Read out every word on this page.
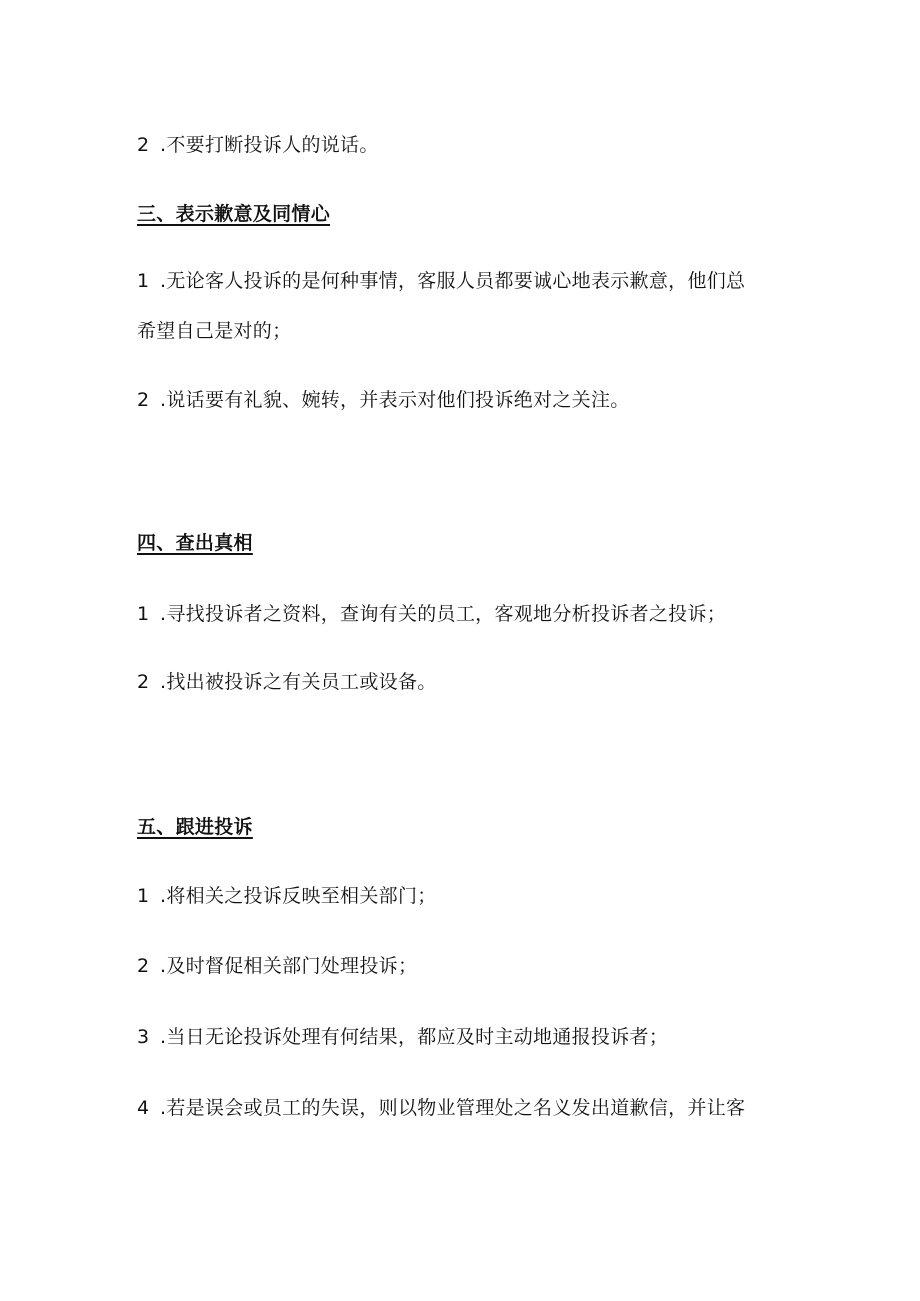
2 .不要打断投诉人的说话。
三、表示歉意及同情心
1 .无论客人投诉的是何种事情，客服人员都要诚心地表示歉意，他们总
希望自己是对的；
2 .说话要有礼貌、婉转，并表示对他们投诉绝对之关注。
四、查出真相
1 .寻找投诉者之资料，查询有关的员工，客观地分析投诉者之投诉；
2 .找出被投诉之有关员工或设备。
五、跟进投诉
1 .将相关之投诉反映至相关部门；
2 .及时督促相关部门处理投诉；
3 .当日无论投诉处理有何结果，都应及时主动地通报投诉者；
4 .若是误会或员工的失误，则以物业管理处之名义发出道歉信，并让客
